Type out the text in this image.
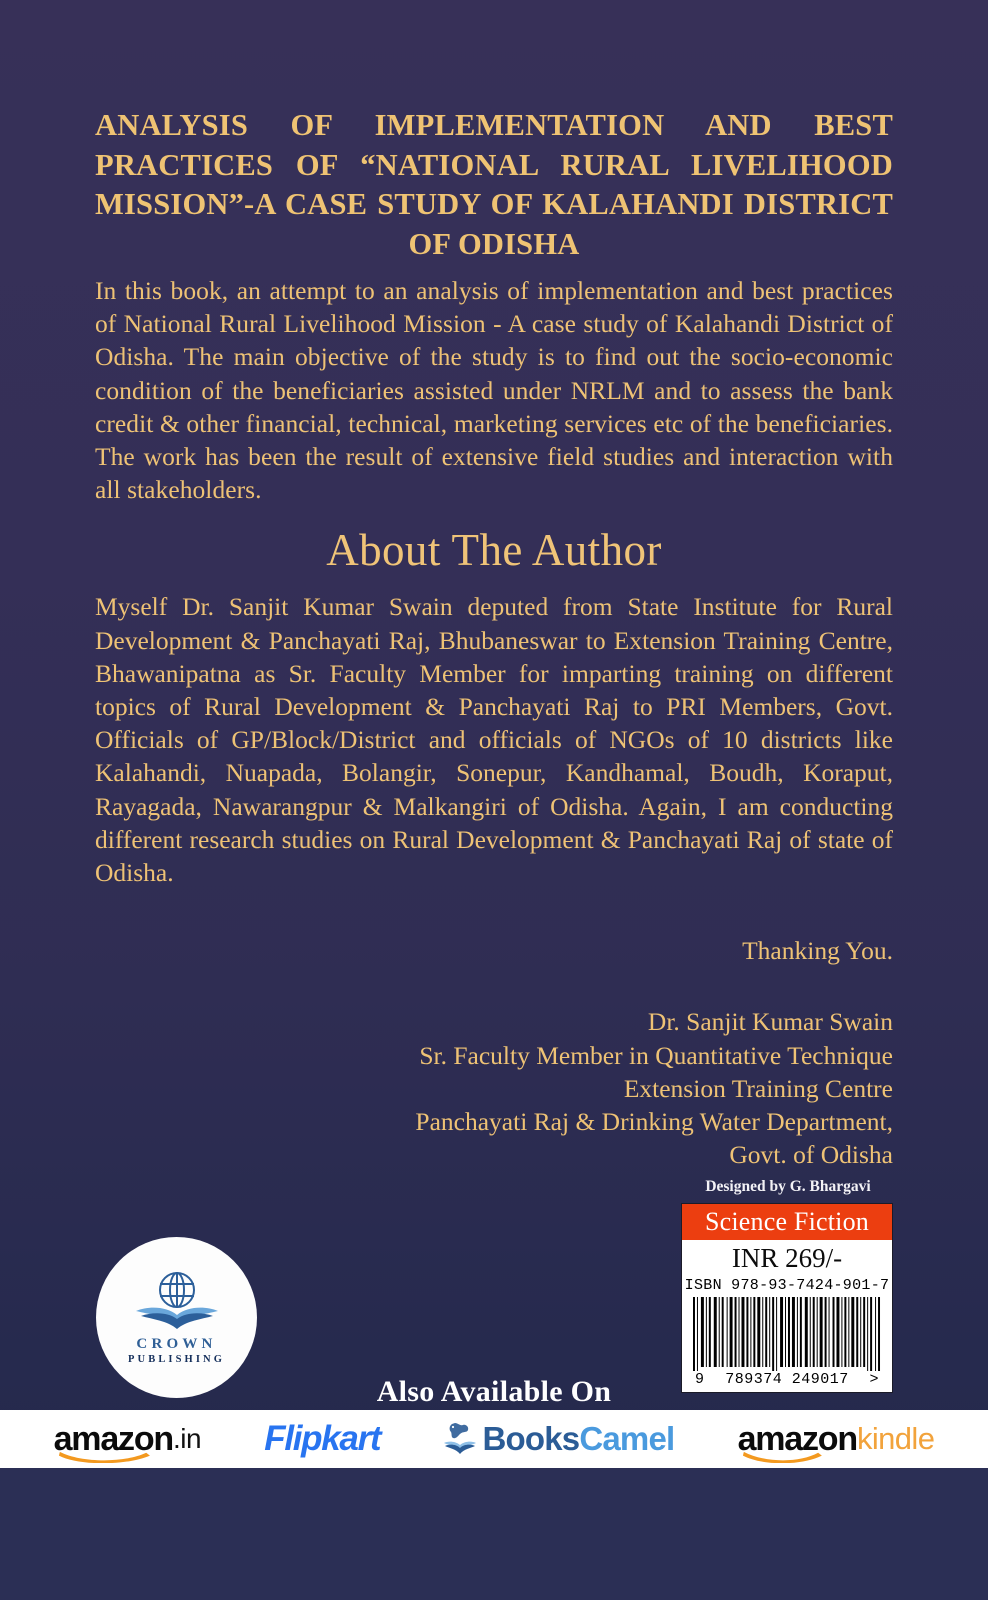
ANALYSIS OF IMPLEMENTATION AND BEST PRACTICES OF “NATIONAL RURAL LIVELIHOOD MISSION”-A CASE STUDY OF KALAHANDI DISTRICT OF ODISHA

In this book, an attempt to an analysis of implementation and best practices of National Rural Livelihood Mission - A case study of Kalahandi District of Odisha. The main objective of the study is to find out the socio-economic condition of the beneficiaries assisted under NRLM and to assess the bank credit & other financial, technical, marketing services etc of the beneficiaries. The work has been the result of extensive field studies and interaction with all stakeholders.

About The Author

Myself Dr. Sanjit Kumar Swain deputed from State Institute for Rural Development & Panchayati Raj, Bhubaneswar to Extension Training Centre, Bhawanipatna as Sr. Faculty Member for imparting training on different topics of Rural Development & Panchayati Raj to PRI Members, Govt. Officials of GP/Block/District and officials of NGOs of 10 districts like Kalahandi, Nuapada, Bolangir, Sonepur, Kandhamal, Boudh, Koraput, Rayagada, Nawarangpur & Malkangiri of Odisha. Again, I am conducting different research studies on Rural Development & Panchayati Raj of state of Odisha.

Thanking You.

Dr. Sanjit Kumar Swain
Sr. Faculty Member in Quantitative Technique
Extension Training Centre
Panchayati Raj & Drinking Water Department,
Govt. of Odisha
Designed by G. Bhargavi
Science Fiction
INR 269/-
ISBN 978-93-7424-901-7
9 789374 249017 >
CROWN
PUBLISHING
Also Available On
amazon .in Flipkart	Books Camel amazon kindle
